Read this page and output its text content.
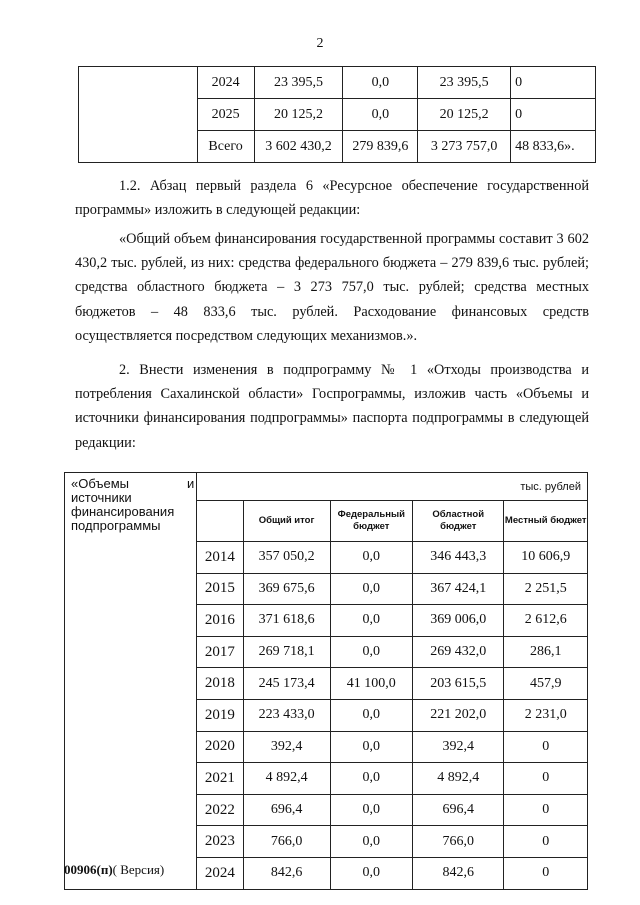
2
	2024	23 395,5	0,0	23 395,5	0
	2025	20 125,2	0,0	20 125,2	0
	Всего	3 602 430,2	279 839,6	3 273 757,0	48 833,6».

1.2. Абзац первый раздела 6 «Ресурсное обеспечение государственной программы» изложить в следующей редакции:

«Общий объем финансирования государственной программы составит 3 602 430,2 тыс. рублей, из них: средства федерального бюджета – 279 839,6 тыс. рублей; средства областного бюджета – 3 273 757,0 тыс. рублей; средства местных бюджетов – 48 833,6 тыс. рублей. Расходование финансовых средств осуществляется посредством следующих механизмов.».

2. Внести изменения в подпрограмму № 1 «Отходы производства и потребления Сахалинской области» Госпрограммы, изложив часть «Объемы и источники финансирования подпрограммы» паспорта подпрограммы в следующей редакции:

«Объемы и
источники финансирования подпрограммы	тыс. рублей				
		Общий итог	Федеральный бюджет	Областной бюджет	Местный бюджет
	2014	357 050,2	0,0	346 443,3	10 606,9
	2015	369 675,6	0,0	367 424,1	2 251,5
	2016	371 618,6	0,0	369 006,0	2 612,6
	2017	269 718,1	0,0	269 432,0	286,1
	2018	245 173,4	41 100,0	203 615,5	457,9
	2019	223 433,0	0,0	221 202,0	2 231,0
	2020	392,4	0,0	392,4	0
	2021	4 892,4	0,0	4 892,4	0
	2022	696,4	0,0	696,4	0
	2023	766,0	0,0	766,0	0
	2024	842,6	0,0	842,6	0
00906(п)( Версия)
